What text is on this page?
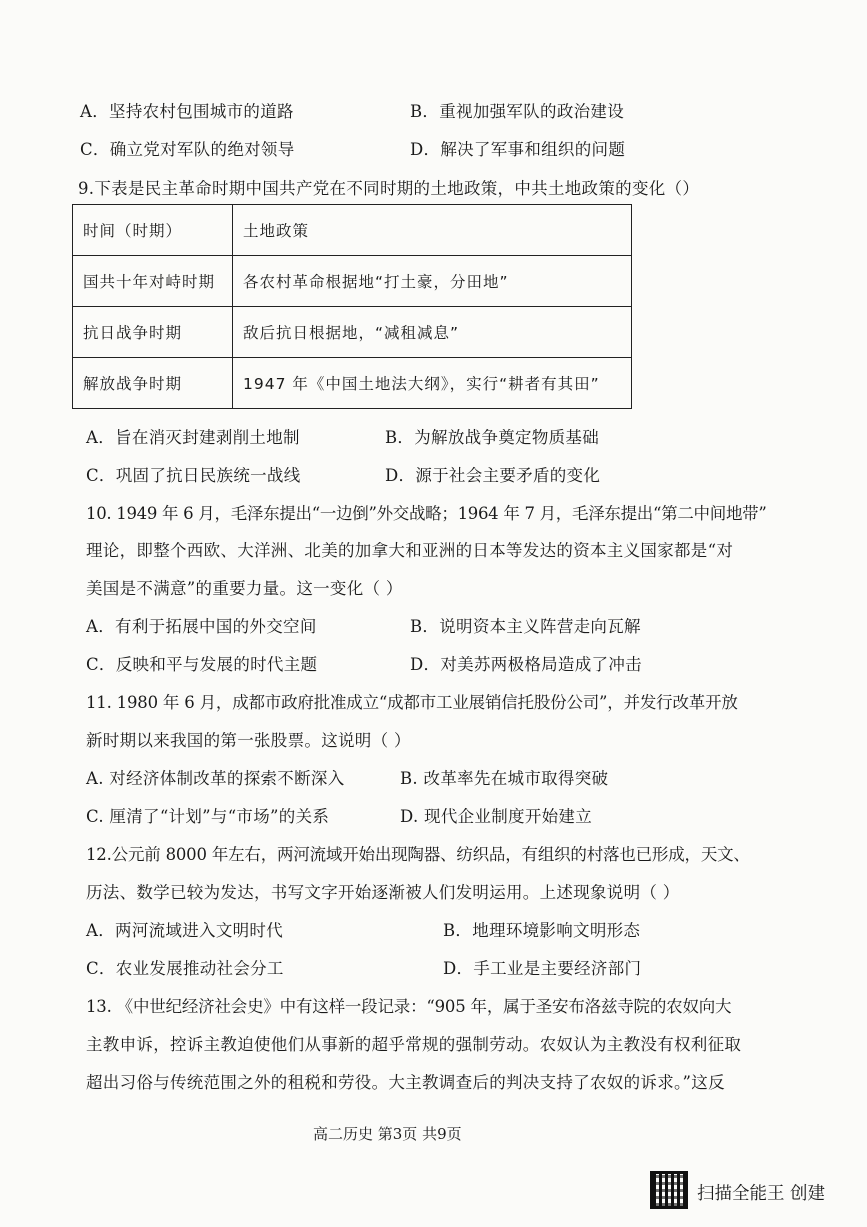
A．坚持农村包围城市的道路	B．重视加强军队的政治建设
C．确立党对军队的绝对领导	D．解决了军事和组织的问题
9.下表是民主革命时期中国共产党在不同时期的土地政策，中共土地政策的变化（）
时间（时期）	土地政策
国共十年对峙时期	各农村革命根据地“打土豪，分田地”
抗日战争时期	敌后抗日根据地，“减租减息”
解放战争时期	1947 年《中国土地法大纲》，实行“耕者有其田”
A．旨在消灭封建剥削土地制	B．为解放战争奠定物质基础
C．巩固了抗日民族统一战线	D．源于社会主要矛盾的变化
10. 1949 年 6 月，毛泽东提出“一边倒”外交战略；1964 年 7 月，毛泽东提出“第二中间地带”
理论，即整个西欧、大洋洲、北美的加拿大和亚洲的日本等发达的资本主义国家都是“对
美国是不满意”的重要力量。这一变化（ ）
A．有利于拓展中国的外交空间	B．说明资本主义阵营走向瓦解
C．反映和平与发展的时代主题	D．对美苏两极格局造成了冲击
11. 1980 年 6 月，成都市政府批准成立“成都市工业展销信托股份公司”，并发行改革开放
新时期以来我国的第一张股票。这说明（ ）
A. 对经济体制改革的探索不断深入	B. 改革率先在城市取得突破
C. 厘清了“计划”与“市场”的关系	D. 现代企业制度开始建立
12.公元前 8000 年左右，两河流域开始出现陶器、纺织品，有组织的村落也已形成，天文、
历法、数学已较为发达，书写文字开始逐渐被人们发明运用。上述现象说明（ ）
A．两河流域进入文明时代	B．地理环境影响文明形态
C．农业发展推动社会分工	D．手工业是主要经济部门
13. 《中世纪经济社会史》中有这样一段记录：“905 年，属于圣安布洛兹寺院的农奴向大
主教申诉，控诉主教迫使他们从事新的超乎常规的强制劳动。农奴认为主教没有权利征取
超出习俗与传统范围之外的租税和劳役。大主教调查后的判决支持了农奴的诉求。”这反
高二历史 第3页 共9页
扫描全能王 创建
